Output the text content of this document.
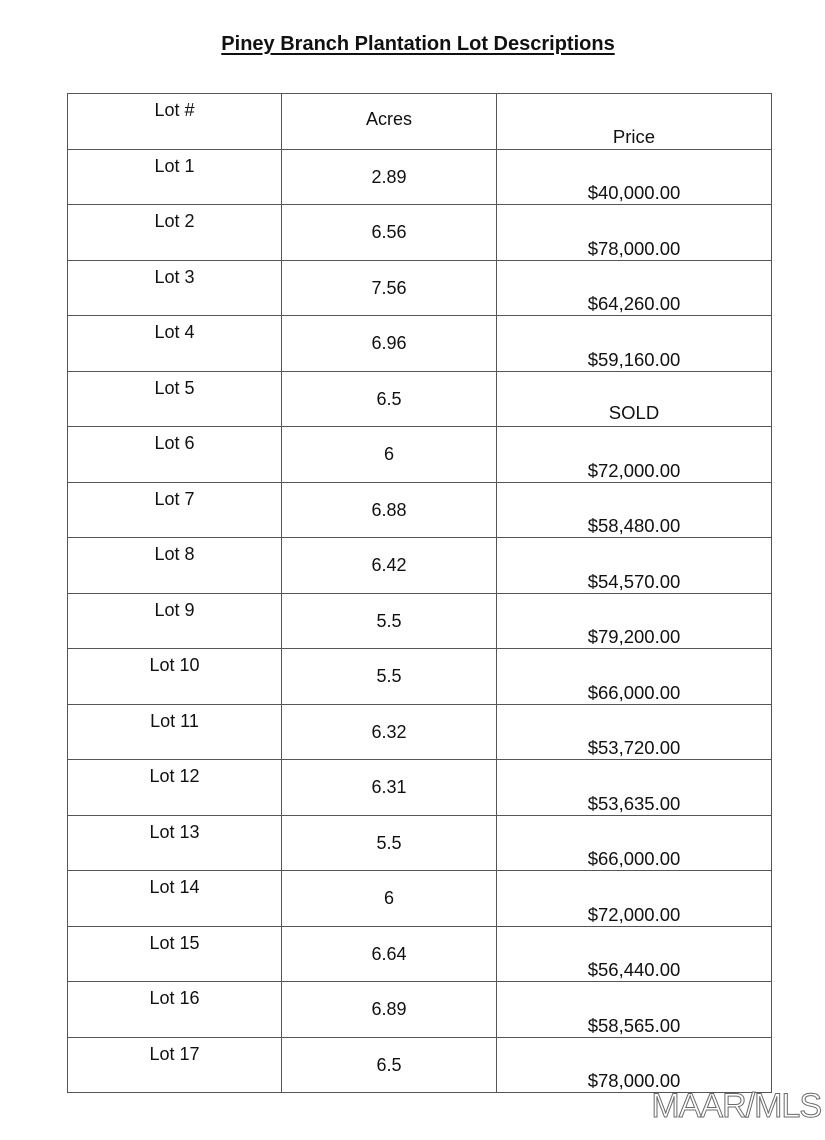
Piney Branch Plantation Lot Descriptions
Lot #	Acres	Price

Lot 1	2.89	$40,000.00

Lot 2	6.56	$78,000.00

Lot 3	7.56	$64,260.00

Lot 4	6.96	$59,160.00

Lot 5	6.5	SOLD

Lot 6	6	$72,000.00

Lot 7	6.88	$58,480.00

Lot 8	6.42	$54,570.00

Lot 9	5.5	$79,200.00

Lot 10	5.5	$66,000.00

Lot 11	6.32	$53,720.00

Lot 12	6.31	$53,635.00

Lot 13	5.5	$66,000.00

Lot 14	6	$72,000.00

Lot 15	6.64	$56,440.00

Lot 16	6.89	$58,565.00

Lot 17	6.5	$78,000.00
MAAR/MLS
